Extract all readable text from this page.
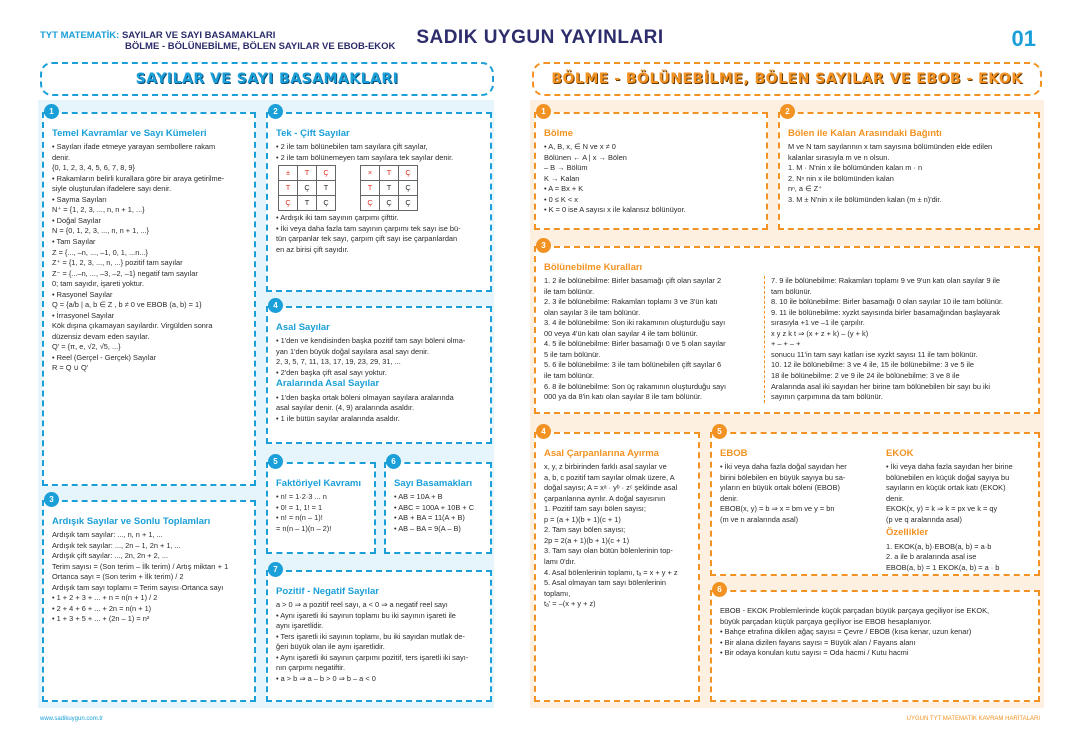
TYT MATEMATİK: SAYILAR VE SAYI BASAMAKLARI
BÖLME - BÖLÜNEBİLME, BÖLEN SAYILAR VE EBOB-EKOK	SADIK UYGUN YAYINLARI	01
SAYILAR VE SAYI BASAMAKLARI
Temel Kavramlar ve Sayı Kümeleri
• Sayıları ifade etmeye yarayan sembollere rakam
denir.
{0, 1, 2, 3, 4, 5, 6, 7, 8, 9}
• Rakamların belirli kurallara göre bir araya getirilme-
siyle oluşturulan ifadelere sayı denir.
• Sayma Sayıları
N⁺ = {1, 2, 3, ..., n, n + 1, ...}
• Doğal Sayılar
N = {0, 1, 2, 3, ..., n, n + 1, ...}
• Tam Sayılar
Z = {..., –n, ..., –1, 0, 1, ...n...}
Z⁺ = {1, 2, 3, ..., n, ...} pozitif tam sayılar
Z⁻ = {...–n, ..., –3, –2, –1} negatif tam sayılar
0; tam sayıdır, işareti yoktur.
• Rasyonel Sayılar
Q = {a/b | a, b ∈ Z , b ≠ 0 ve EBOB (a, b) = 1}
• İrrasyonel Sayılar
Kök dışına çıkamayan sayılardır. Virgülden sonra
düzensiz devam eden sayılar.
Q' = {π, e, √2, √5, ...}
• Reel (Gerçel - Gerçek) Sayılar
R = Q ∪ Q'
1
Tek - Çift Sayılar
• 2 ile tam bölünebilen tam sayılara çift sayılar,
• 2 ile tam bölünemeyen tam sayılara tek sayılar denir.
±	T	Ç
T	Ç	T
Ç	T	Ç
×	T	Ç
T	T	Ç
Ç	Ç	Ç
• Ardışık iki tam sayının çarpımı çifttir.
• İki veya daha fazla tam sayının çarpımı tek sayı ise bü-
tün çarpanlar tek sayı, çarpım çift sayı ise çarpanlardan
en az birisi çift sayıdır.
2
Asal Sayılar
• 1'den ve kendisinden başka pozitif tam sayı böleni olma-
yan 1'den büyük doğal sayılara asal sayı denir.
2, 3, 5, 7, 11, 13, 17, 19, 23, 29, 31, ...
• 2'den başka çift asal sayı yoktur.
Aralarında Asal Sayılar
• 1'den başka ortak böleni olmayan sayılara aralarında
asal sayılar denir. (4, 9) aralarında asaldır.
• 1 ile bütün sayılar aralarında asaldır.
4
Ardışık Sayılar ve Sonlu Toplamları
Ardışık tam sayılar: ..., n, n + 1, ...
Ardışık tek sayılar: ..., 2n – 1, 2n + 1, ...
Ardışık çift sayılar: ..., 2n, 2n + 2, ...
Terim sayısı = (Son terim – İlk terim) / Artış miktarı + 1
Ortanca sayı = (Son terim + İlk terim) / 2
Ardışık tam sayı toplamı = Terim sayısı·Ortanca sayı
• 1 + 2 + 3 + ... + n = n(n + 1) / 2
• 2 + 4 + 6 + ... + 2n = n(n + 1)
• 1 + 3 + 5 + ... + (2n – 1) = n²
3
Faktöriyel Kavramı
• n! = 1·2·3 ... n
• 0! = 1, 1! = 1
• n! = n(n – 1)!
= n(n – 1)(n – 2)!
5
Sayı Basamakları
• AB = 10A + B
• ABC = 100A + 10B + C
• AB + BA = 11(A + B)
• AB – BA = 9(A – B)
6
Pozitif - Negatif Sayılar
a > 0 ⇒ a pozitif reel sayı, a < 0 ⇒ a negatif reel sayı
• Aynı işaretli iki sayının toplamı bu iki sayının işareti ile
aynı işaretlidir.
• Ters işaretli iki sayının toplamı, bu iki sayıdan mutlak de-
ğeri büyük olan ile aynı işaretlidir.
• Aynı işaretli iki sayının çarpımı pozitif, ters işaretli iki sayı-
nın çarpımı negatiftir.
• a > b ⇒ a – b > 0 ⇒ b – a < 0
7
BÖLME - BÖLÜNEBİLME, BÖLEN SAYILAR VE EBOB - EKOK
Bölme
• A, B, x, ∈ N ve x ≠ 0
Bölünen ← A | x → Bölen
– B → Bölüm
K → Kalan
• A = Bx + K
• 0 ≤ K < x
• K = 0 ise A sayısı x ile kalansız bölünüyor.
1
Bölen ile Kalan Arasındaki Bağıntı
M ve N tam sayılarının x tam sayısına bölümünden elde edilen
kalanlar sırasıyla m ve n olsun.
1. M · N'nin x ile bölümünden kalan m · n
2. Nⁿ nin x ile bölümünden kalan
nⁿ, a ∈ Z⁺
3. M ± N'nin x ile bölümünden kalan (m ± n)'dir.
2
Bölünebilme Kuralları
1. 2 ile bölünebilme: Birler basamağı çift olan sayılar 2
ile tam bölünür.
2. 3 ile bölünebilme: Rakamları toplamı 3 ve 3'ün katı
olan sayılar 3 ile tam bölünür.
3. 4 ile bölünebilme: Son iki rakamının oluşturduğu sayı
00 veya 4'ün katı olan sayılar 4 ile tam bölünür.
4. 5 ile bölünebilme: Birler basamağı 0 ve 5 olan sayılar
5 ile tam bölünür.
5. 6 ile bölünebilme: 3 ile tam bölünebilen çift sayılar 6
ile tam bölünür.
6. 8 ile bölünebilme: Son üç rakamının oluşturduğu sayı
000 ya da 8'in katı olan sayılar 8 ile tam bölünür.
7. 9 ile bölünebilme: Rakamları toplamı 9 ve 9'un katı olan sayılar 9 ile
tam bölünür.
8. 10 ile bölünebilme: Birler basamağı 0 olan sayılar 10 ile tam bölünür.
9. 11 ile bölünebilme: xyzkt sayısında birler basamağından başlayarak
sırasıyla +1 ve –1 ile çarpılır.
x y z k t ⇒ (x + z + k) – (y + k)
+ – + – +
sonucu 11'in tam sayı katları ise xyzkt sayısı 11 ile tam bölünür.
10. 12 ile bölünebilme: 3 ve 4 ile, 15 ile bölünebilme: 3 ve 5 ile
18 ile bölünebilme: 2 ve 9 ile 24 ile bölünebilme: 3 ve 8 ile
Aralarında asal iki sayıdan her birine tam bölünebilen bir sayı bu iki
sayının çarpımına da tam bölünür.
3
Asal Çarpanlarına Ayırma
x, y, z birbirinden farklı asal sayılar ve
a, b, c pozitif tam sayılar olmak üzere, A
doğal sayısı; A = xᵃ · yᵇ · zᶜ şeklinde asal
çarpanlarına ayrılır. A doğal sayısının
1. Pozitif tam sayı bölen sayısı;
p = (a + 1)(b + 1)(c + 1)
2. Tam sayı bölen sayısı;
2p = 2(a + 1)(b + 1)(c + 1)
3. Tam sayı olan bütün bölenlerinin top-
lamı 0'dır.
4. Asal bölenlerinin toplamı, tₐ = x + y + z
5. Asal olmayan tam sayı bölenlerinin
toplamı,
tₐ' = –(x + y + z)
4
EBOB
• İki veya daha fazla doğal sayıdan her
birini bölebilen en büyük sayıya bu sa-
yıların en büyük ortak böleni (EBOB)
denir.
EBOB(x, y) = b ⇒ x = bm ve y = bn
(m ve n aralarında asal)
EKOK
• İki veya daha fazla sayıdan her birine
bölünebilen en küçük doğal sayıya bu
sayıların en küçük ortak katı (EKOK)
denir.
EKOK(x, y) = k ⇒ k = px ve k = qy
(p ve q aralarında asal)
Özellikler
1. EKOK(a, b)·EBOB(a, b) = a·b
2. a ile b aralarında asal ise
EBOB(a, b) = 1 EKOK(a, b) = a · b
5
EBOB - EKOK Problemlerinde küçük parçadan büyük parçaya geçiliyor ise EKOK,
büyük parçadan küçük parçaya geçiliyor ise EBOB hesaplanıyor.
• Bahçe etrafına dikilen ağaç sayısı = Çevre / EBOB (kısa kenar, uzun kenar)
• Bir alana dizilen fayans sayısı = Büyük alan / Fayans alanı
• Bir odaya konulan kutu sayısı = Oda hacmi / Kutu hacmi
6
www.sadikuygun.com.tr	UYGUN TYT MATEMATİK KAVRAM HARİTALARI
